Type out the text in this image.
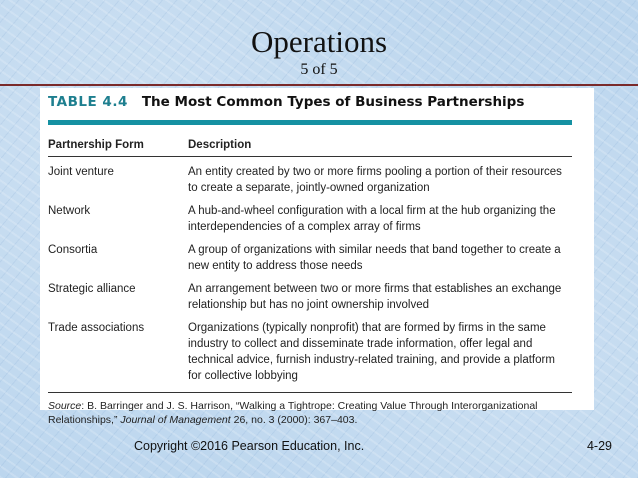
Operations
5 of 5
TABLE 4.4 The Most Common Types of Business Partnerships
Partnership Form	Description
Joint venture	An entity created by two or more firms pooling a portion of their resources to create a separate, jointly-owned organization
Network	A hub-and-wheel configuration with a local firm at the hub organizing the interdependencies of a complex array of firms
Consortia	A group of organizations with similar needs that band together to create a new entity to address those needs
Strategic alliance	An arrangement between two or more firms that establishes an exchange relationship but has no joint ownership involved
Trade associations	Organizations (typically nonprofit) that are formed by firms in the same industry to collect and disseminate trade information, offer legal and technical advice, furnish industry-related training, and provide a platform for collective lobbying
Source: B. Barringer and J. S. Harrison, “Walking a Tightrope: Creating Value Through Interorganizational Relationships,” Journal of Management 26, no. 3 (2000): 367–403.
Copyright ©2016 Pearson Education, Inc.	4-29
